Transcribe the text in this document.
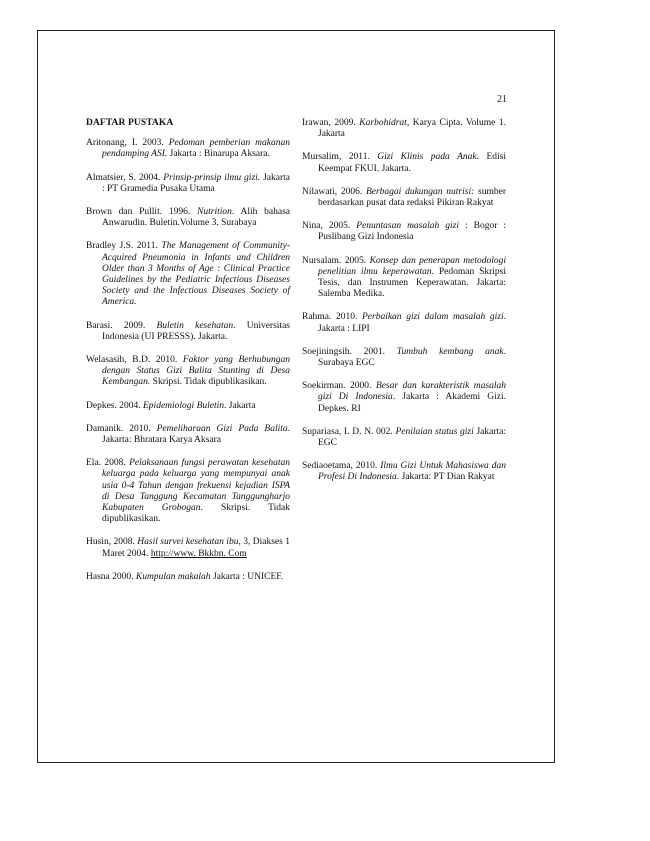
21
DAFTAR PUSTAKA

Aritonang, I. 2003. Pedoman pemberian makanan pendamping ASI. Jakarta : Binarupa Aksara.

Almatsier, S. 2004. Prinsip-prinsip ilmu gizi. Jakarta : PT Gramedia Pusaka Utama

Brown dan Pullit. 1996. Nutrition. Alih bahasa Anwarudin. Buletin.Volume 3. Surabaya

Bradley J.S. 2011. The Management of Community-Acquired Pneumonia in Infants and Children Older than 3 Months of Age : Clinical Practice Guidelines by the Pediatric Infectious Diseases Society and the Infectious Diseases Society of America.

Barasi. 2009. Buletin kesehatan. Universitas Indonesia (UI PRESSS). Jakarta.

Welasasih, B.D. 2010. Faktor yang Berhubungan dengan Status Gizi Balita Stunting di Desa Kembangan. Skripsi. Tidak dipublikasikan.

Depkes. 2004. Epidemiologi Buletin. Jakarta

Damanik. 2010. Pemeliharaan Gizi Pada Balita. Jakarta: Bhratara Karya Aksara

Ela. 2008. Pelaksanaan fungsi perawatan kesehatan keluarga pada keluarga yang mempunyai anak usia 0-4 Tahun dengan frekuensi kejadian ISPA di Desa Tanggung Kecamatan Tanggungharjo Kabupaten Grobogan. Skripsi. Tidak dipublikasikan.

Husin, 2008. Hasil survei kesehatan ibu, 3, Diakses 1 Maret 2004. http://www. Bkkbn. Com

Hasna 2000. Kumpulan makalah Jakarta : UNICEF.

Irawan, 2009. Karbohidrat, Karya Cipta. Volume 1. Jakarta

Mursalim, 2011. Gizi Klinis pada Anak. Edisi Keempat FKUI. Jakarta.

Nilawati, 2006. Berbagai dukungan nutrisi: sumber berdasarkan pusat data redaksi Pikiran Rakyat

Nina, 2005. Penuntasan masalah gizi : Bogor : Puslibang Gizi Indonesia

Nursalam. 2005. Konsep dan penerapan metodologi penelitian ilmu keperawatan. Pedoman Skripsi Tesis, dan Instrumen Keperawatan. Jakarta: Salemba Medika.

Rahma. 2010. Perbaikan gizi dalam masalah gizi. Jakarta : LIPI

Soejiningsih. 2001. Tumbuh kembang anak. Surabaya EGC

Soekirman. 2000. Besar dan karakteristik masalah gizi Di Indonesia. Jakarta : Akademi Gizi. Depkes. RI

Supariasa, I. D. N. 002. Penilaian status gizi Jakarta: EGC

Sediaoetama, 2010. Ilmu Gizi Untuk Mahasiswa dan Profesi Di Indonesia. Jakarta: PT Dian Rakyat
